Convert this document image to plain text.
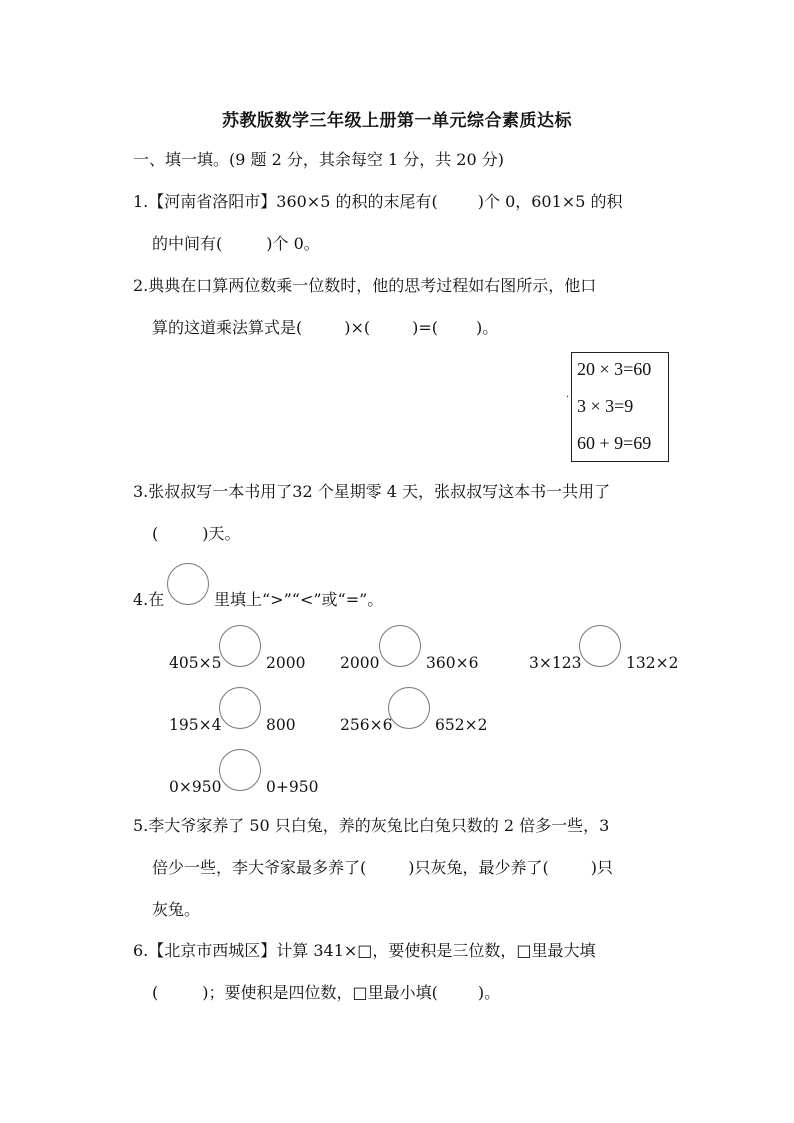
苏教版数学三年级上册第一单元综合素质达标
一、填一填。(9 题 2 分，其余每空 1 分，共 20 分)
1.【河南省洛阳市】360×5 的积的末尾有(	)个 0，601×5 的积
的中间有(	)个 0。
2.典典在口算两位数乘一位数时，他的思考过程如右图所示，他口
算的这道乘法算式是(	)×(	)=( )。
·
20 × 3=60
3 × 3=9
60 + 9=69
3.张叔叔写一本书用了32 个星期零 4 天，张叔叔写这本书一共用了
(	)天。
4.在	里填上“>”“<”或“=”。
405×5	2000 2000	360×6	3×123	132×2
195×4	800	256×6	652×2
0×950	0+950
5.李大爷家养了 50 只白兔，养的灰兔比白兔只数的 2 倍多一些，3
倍少一些，李大爷家最多养了(	)只灰兔，最少养了(	)只
灰兔。
6.【北京市西城区】计算 341×□，要使积是三位数，□里最大填
(	)；要使积是四位数，□里最小填(	)。
